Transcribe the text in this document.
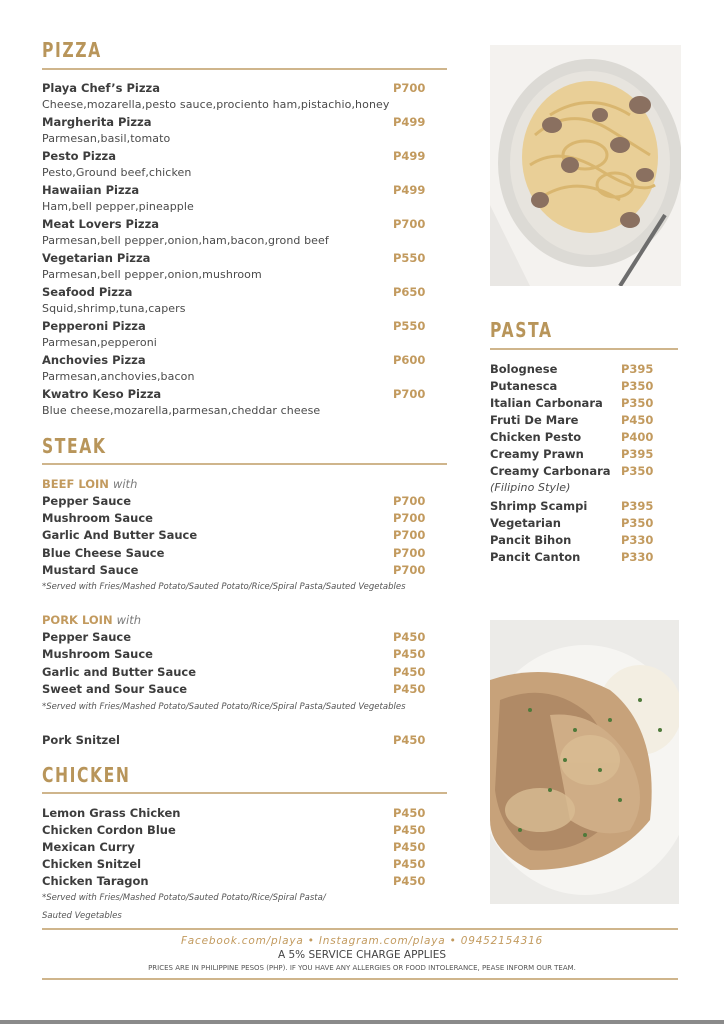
PIZZA
Playa Chef’s Pizza	P700
Cheese,mozarella,pesto sauce,prociento ham,pistachio,honey
Margherita Pizza	P499
Parmesan,basil,tomato
Pesto Pizza	P499
Pesto,Ground beef,chicken
Hawaiian Pizza	P499
Ham,bell pepper,pineapple
Meat Lovers Pizza	P700
Parmesan,bell pepper,onion,ham,bacon,grond beef
Vegetarian Pizza	P550
Parmesan,bell pepper,onion,mushroom
Seafood Pizza	P650
Squid,shrimp,tuna,capers
Pepperoni Pizza	P550
Parmesan,pepperoni
Anchovies Pizza	P600
Parmesan,anchovies,bacon
Kwatro Keso Pizza	P700
Blue cheese,mozarella,parmesan,cheddar cheese
STEAK
BEEF LOIN with
Pepper Sauce	P700
Mushroom Sauce	P700
Garlic And Butter Sauce	P700
Blue Cheese Sauce	P700
Mustard Sauce	P700
*Served with Fries/Mashed Potato/Sauted Potato/Rice/Spiral Pasta/Sauted Vegetables
PORK LOIN with
Pepper Sauce	P450
Mushroom Sauce	P450
Garlic and Butter Sauce	P450
Sweet and Sour Sauce	P450
*Served with Fries/Mashed Potato/Sauted Potato/Rice/Spiral Pasta/Sauted Vegetables
Pork Snitzel	P450
CHICKEN
Lemon Grass Chicken	P450
Chicken Cordon Blue	P450
Mexican Curry	P450
Chicken Snitzel	P450
Chicken Taragon	P450
*Served with Fries/Mashed Potato/Sauted Potato/Rice/Spiral Pasta/
Sauted Vegetables
PASTA
Bolognese	P395
Putanesca	P350
Italian Carbonara P350
Fruti De Mare	P450
Chicken Pesto	P400
Creamy Prawn	P395
Creamy Carbonara P350
(Filipino Style)
Shrimp Scampi	P395
Vegetarian	P350
Pancit Bihon	P330
Pancit Canton	P330
Facebook.com/playa • Instagram.com/playa • 09452154316
A 5% SERVICE CHARGE APPLIES
PRICES ARE IN PHILIPPINE PESOS (PHP). IF YOU HAVE ANY ALLERGIES OR FOOD INTOLERANCE, PEASE INFORM OUR TEAM.
